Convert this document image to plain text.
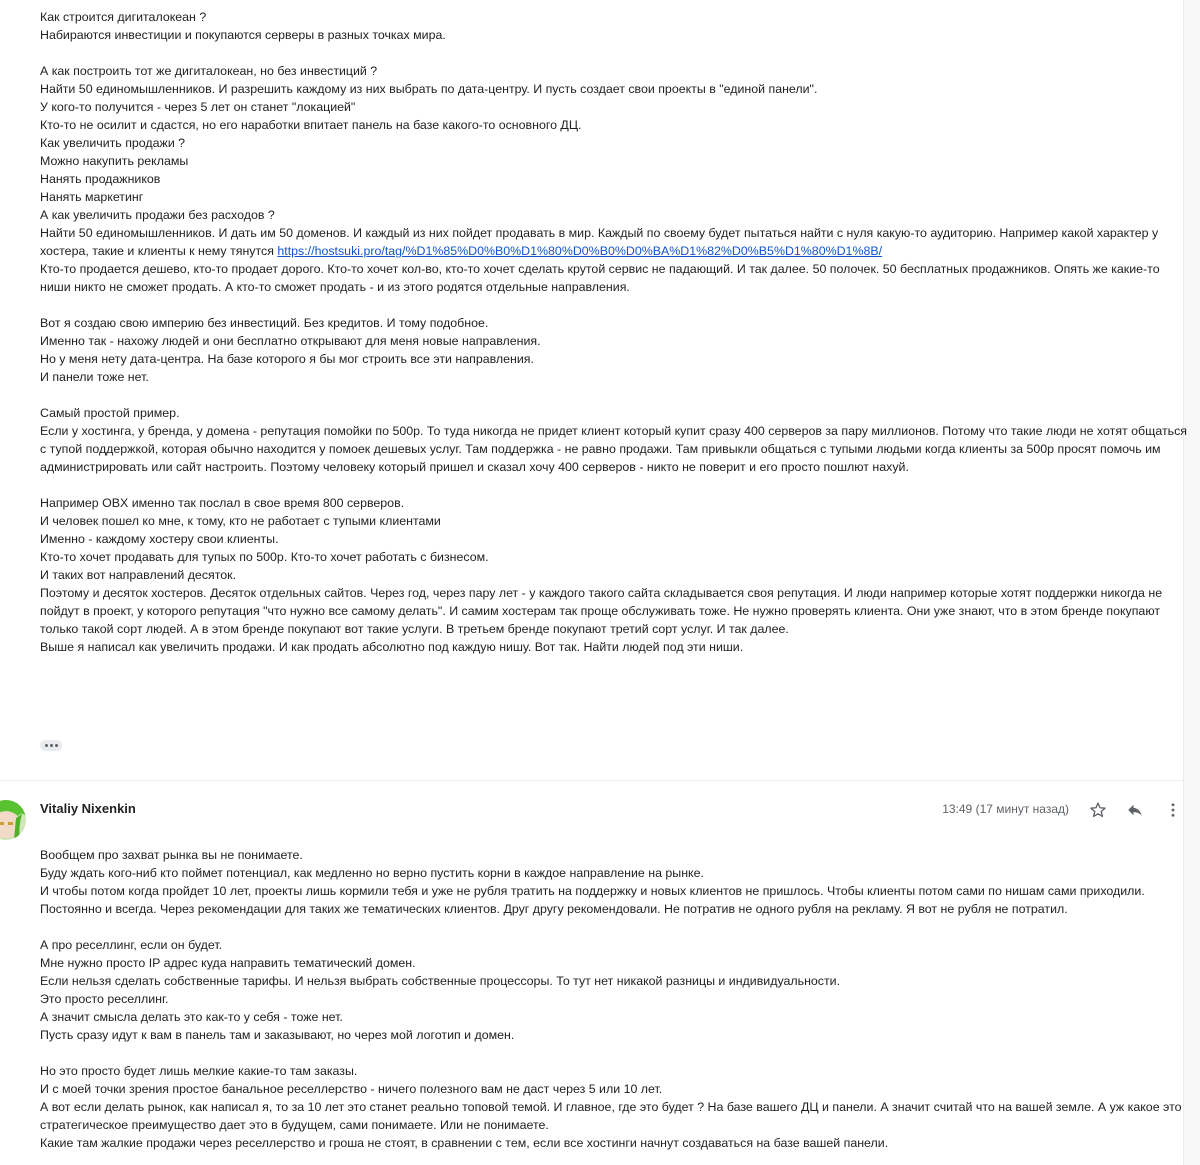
Как строится дигиталокеан ?
Набираются инвестиции и покупаются серверы в разных точках мира.
А как построить тот же дигиталокеан, но без инвестиций ?
Найти 50 единомышленников. И разрешить каждому из них выбрать по дата-центру. И пусть создает свои проекты в "единой панели".
У кого-то получится - через 5 лет он станет "локацией"
Кто-то не осилит и сдастся, но его наработки впитает панель на базе какого-то основного ДЦ.
Как увеличить продажи ?
Можно накупить рекламы
Нанять продажников
Нанять маркетинг
А как увеличить продажи без расходов ?
Найти 50 единомышленников. И дать им 50 доменов. И каждый из них пойдет продавать в мир. Каждый по своему будет пытаться найти с нуля какую-то аудиторию. Например какой характер у
хостера, такие и клиенты к нему тянутся https://hostsuki.pro/tag/%D1%85%D0%B0%D1%80%D0%B0%D0%BA%D1%82%D0%B5%D1%80%D1%8B/
Кто-то продается дешево, кто-то продает дорого. Кто-то хочет кол-во, кто-то хочет сделать крутой сервис не падающий. И так далее. 50 полочек. 50 бесплатных продажников. Опять же какие-то
ниши никто не сможет продать. А кто-то сможет продать - и из этого родятся отдельные направления.
Вот я создаю свою империю без инвестиций. Без кредитов. И тому подобное.
Именно так - нахожу людей и они бесплатно открывают для меня новые направления.
Но у меня нету дата-центра. На базе которого я бы мог строить все эти направления.
И панели тоже нет.
Самый простой пример.
Если у хостинга, у бренда, у домена - репутация помойки по 500р. То туда никогда не придет клиент который купит сразу 400 серверов за пару миллионов. Потому что такие люди не хотят общаться
с тупой поддержкой, которая обычно находится у помоек дешевых услуг. Там поддержка - не равно продажи. Там привыкли общаться с тупыми людьми когда клиенты за 500р просят помочь им
администрировать или сайт настроить. Поэтому человеку который пришел и сказал хочу 400 серверов - никто не поверит и его просто пошлют нахуй.
Например OBX именно так послал в свое время 800 серверов.
И человек пошел ко мне, к тому, кто не работает с тупыми клиентами
Именно - каждому хостеру свои клиенты.
Кто-то хочет продавать для тупых по 500р. Кто-то хочет работать с бизнесом.
И таких вот направлений десяток.
Поэтому и десяток хостеров. Десяток отдельных сайтов. Через год, через пару лет - у каждого такого сайта складывается своя репутация. И люди например которые хотят поддержки никогда не
пойдут в проект, у которого репутация "что нужно все самому делать". И самим хостерам так проще обслуживать тоже. Не нужно проверять клиента. Они уже знают, что в этом бренде покупают
только такой сорт людей. А в этом бренде покупают вот такие услуги. В третьем бренде покупают третий сорт услуг. И так далее.
Выше я написал как увеличить продажи. И как продать абсолютно под каждую нишу. Вот так. Найти людей под эти ниши.
Vitaliy Nixenkin	13:49 (17 минут назад)
Вообщем про захват рынка вы не понимаете.
Буду ждать кого-ниб кто поймет потенциал, как медленно но верно пустить корни в каждое направление на рынке.
И чтобы потом когда пройдет 10 лет, проекты лишь кормили тебя и уже не рубля тратить на поддержку и новых клиентов не пришлось. Чтобы клиенты потом сами по нишам сами приходили.
Постоянно и всегда. Через рекомендации для таких же тематических клиентов. Друг другу рекомендовали. Не потратив не одного рубля на рекламу. Я вот не рубля не потратил.
А про реселлинг, если он будет.
Мне нужно просто IP адрес куда направить тематический домен.
Если нельзя сделать собственные тарифы. И нельзя выбрать собственные процессоры. То тут нет никакой разницы и индивидуальности.
Это просто реселлинг.
А значит смысла делать это как-то у себя - тоже нет.
Пусть сразу идут к вам в панель там и заказывают, но через мой логотип и домен.
Но это просто будет лишь мелкие какие-то там заказы.
И с моей точки зрения простое банальное реселлерство - ничего полезного вам не даст через 5 или 10 лет.
А вот если делать рынок, как написал я, то за 10 лет это станет реально топовой темой. И главное, где это будет ? На базе вашего ДЦ и панели. А значит считай что на вашей земле. А уж какое это
стратегическое преимущество дает это в будущем, сами понимаете. Или не понимаете.
Какие там жалкие продажи через реселлерство и гроша не стоят, в сравнении с тем, если все хостинги начнут создаваться на базе вашей панели.
